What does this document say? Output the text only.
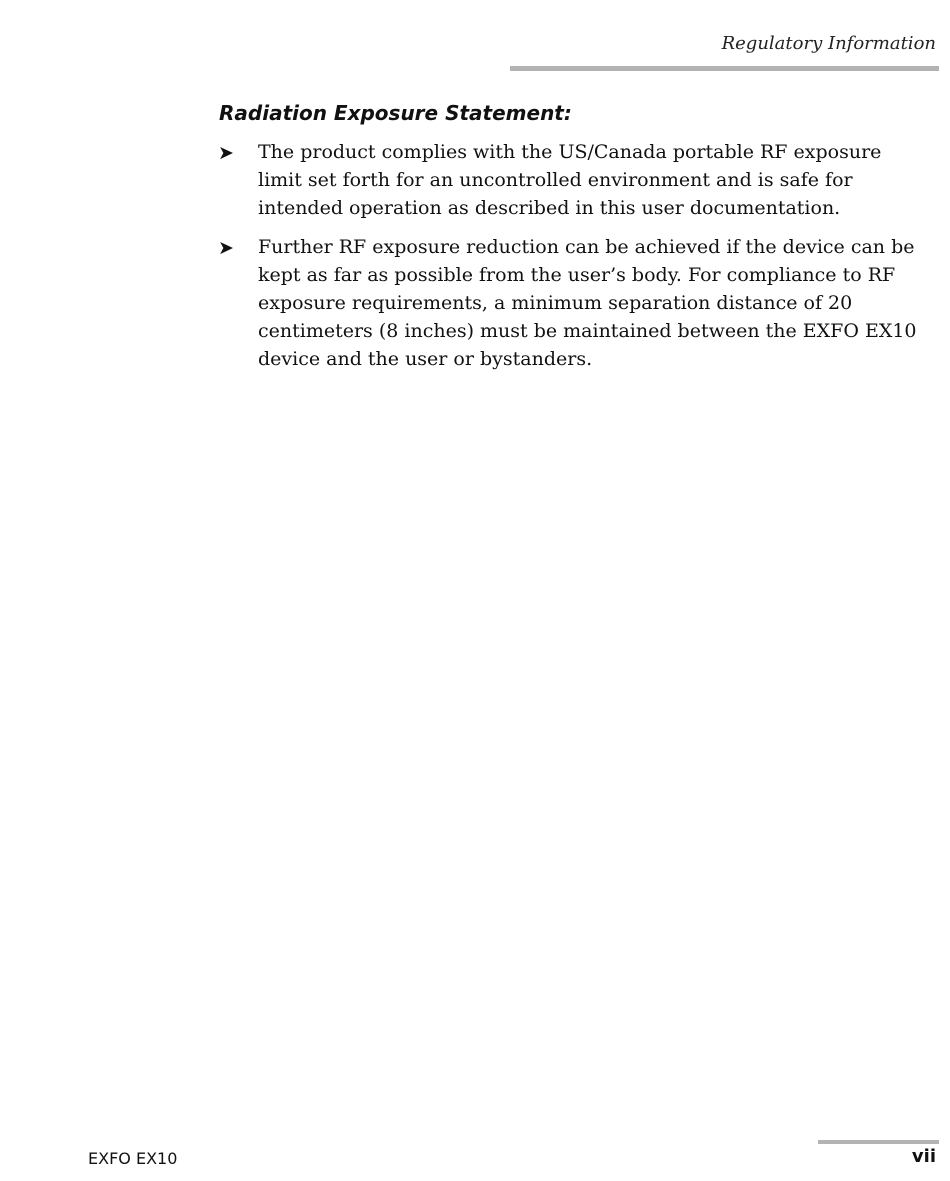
Regulatory Information
Radiation Exposure Statement:
➤ The product complies with the US/Canada portable RF exposure limit set forth for an uncontrolled environment and is safe for intended operation as described in this user documentation.
➤ Further RF exposure reduction can be achieved if the device can be kept as far as possible from the user’s body. For compliance to RF exposure requirements, a minimum separation distance of 20 centimeters (8 inches) must be maintained between the EXFO EX10 device and the user or bystanders.
EXFO EX10	vii
